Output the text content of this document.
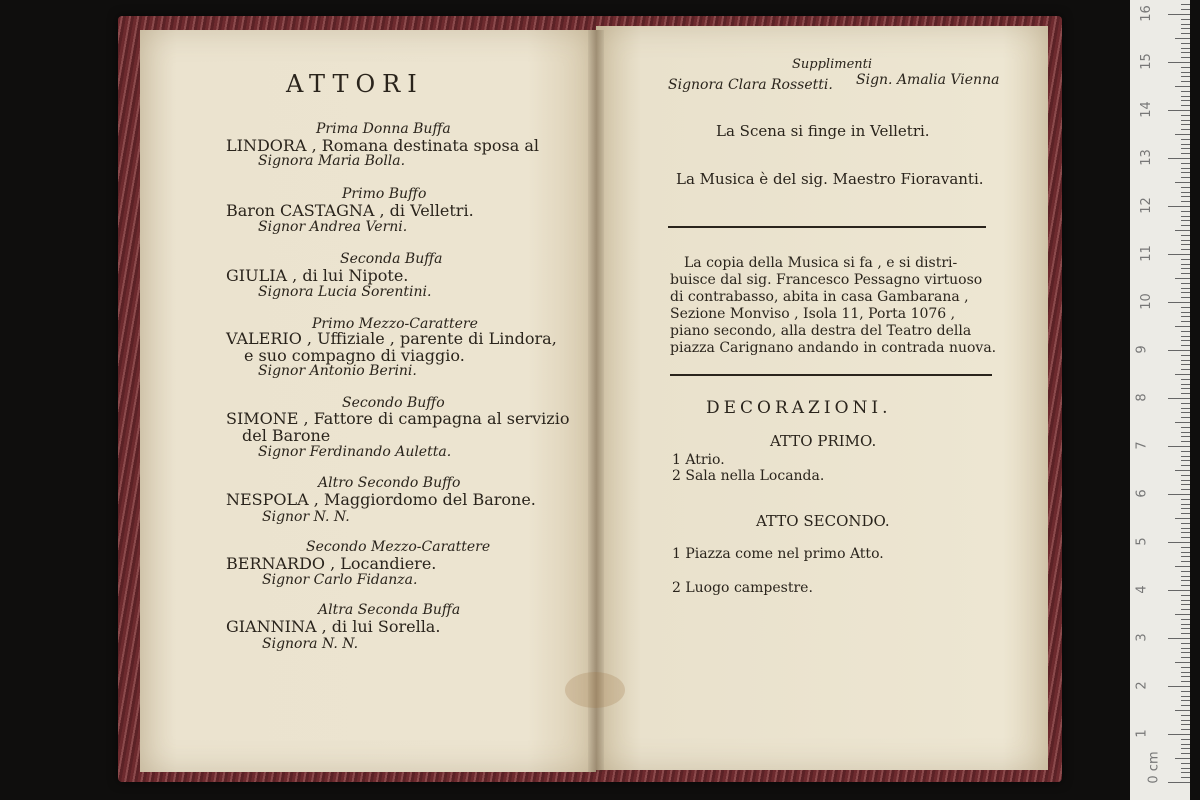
ATTORI
Prima Donna Buffa
LINDORA , Romana destinata sposa al
Signora Maria Bolla.
Primo Buffo
Baron CASTAGNA , di Velletri.
Signor Andrea Verni.
Seconda Buffa
GIULIA , di lui Nipote.
Signora Lucia Sorentini.
Primo Mezzo-Carattere
VALERIO , Uffiziale , parente di Lindora,
e suo compagno di viaggio.
Signor Antonio Berini.
Secondo Buffo
SIMONE , Fattore di campagna al servizio
del Barone
Signor Ferdinando Auletta.
Altro Secondo Buffo
NESPOLA , Maggiordomo del Barone.
Signor N. N.
Secondo Mezzo-Carattere
BERNARDO , Locandiere.
Signor Carlo Fidanza.
Altra Seconda Buffa
GIANNINA , di lui Sorella.
Signora N. N.
Supplimenti
Signora Clara Rossetti. Sign. Amalia Vienna
La Scena si finge in Velletri.
La Musica è del sig. Maestro Fioravanti.
La copia della Musica si fa , e si distri-
buisce dal sig. Francesco Pessagno virtuoso
di contrabasso, abita in casa Gambarana ,
Sezione Monviso , Isola 11, Porta 1076 ,
piano secondo, alla destra del Teatro della
piazza Carignano andando in contrada nuova.
DECORAZIONI.
ATTO PRIMO.
1 Atrio.
2 Sala nella Locanda.
ATTO SECONDO.
1 Piazza come nel primo Atto.
2 Luogo campestre.
0 cm
1
2
3
4
5
6
7
8
9
10
11
12
13
14
15
16
